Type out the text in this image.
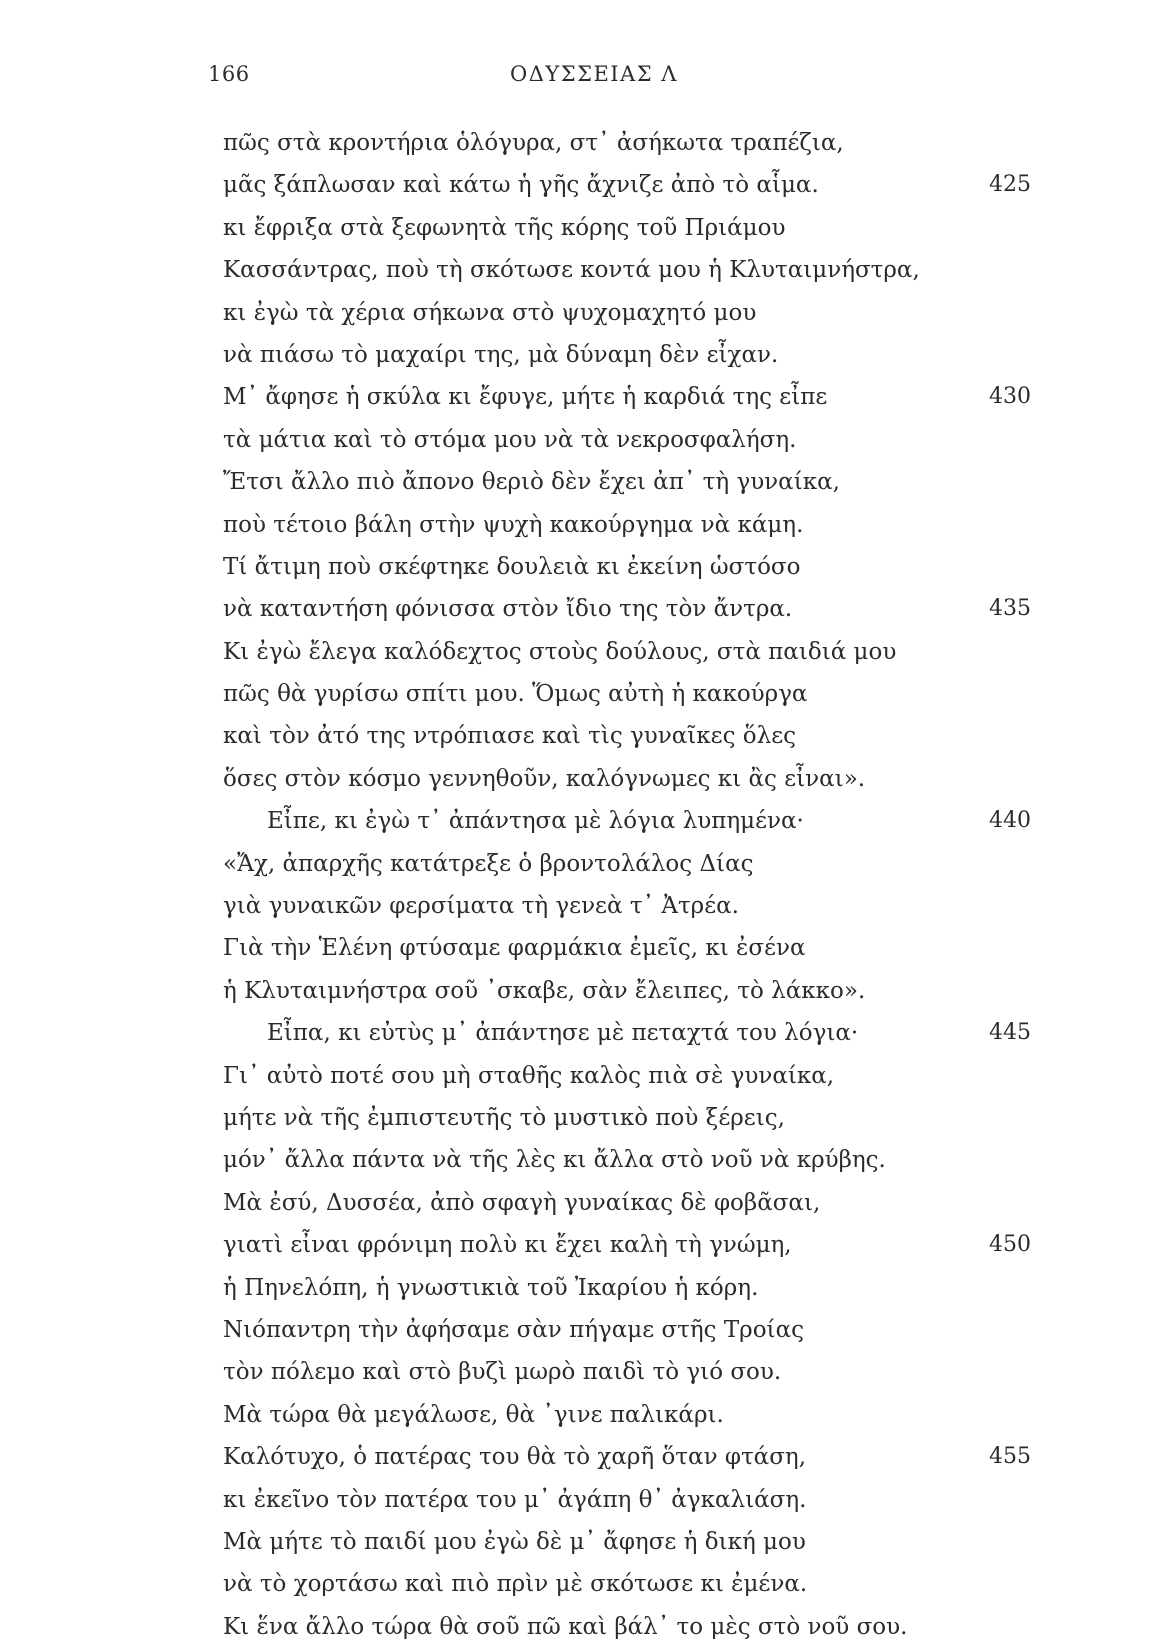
166	ΟΔΥΣΣΕΙΑΣ Λ
πῶς στὰ κροντήρια ὁλόγυρα, στ᾽ ἀσήκωτα τραπέζια,
μᾶς ξάπλωσαν καὶ κάτω ἡ γῆς ἄχνιζε ἀπὸ τὸ αἷμα.	425
κι ἔφριξα στὰ ξεφωνητὰ τῆς κόρης τοῦ Πριάμου
Κασσάντρας, ποὺ τὴ σκότωσε κοντά μου ἡ Κλυταιμνήστρα,
κι ἐγὼ τὰ χέρια σήκωνα στὸ ψυχομαχητό μου
νὰ πιάσω τὸ μαχαίρι της, μὰ δύναμη δὲν εἶχαν.
Μ᾽ ἄφησε ἡ σκύλα κι ἔφυγε, μήτε ἡ καρδιά της εἶπε	430
τὰ μάτια καὶ τὸ στόμα μου νὰ τὰ νεκροσφαλήση.
Ἔτσι ἄλλο πιὸ ἄπονο θεριὸ δὲν ἔχει ἀπ᾽ τὴ γυναίκα,
ποὺ τέτοιο βάλη στὴν ψυχὴ κακούργημα νὰ κάμη.
Τί ἄτιμη ποὺ σκέφτηκε δουλειὰ κι ἐκείνη ὡστόσο
νὰ καταντήση φόνισσα στὸν ἴδιο της τὸν ἄντρα.	435
Κι ἐγὼ ἔλεγα καλόδεχτος στοὺς δούλους, στὰ παιδιά μου
πῶς θὰ γυρίσω σπίτι μου. Ὅμως αὐτὴ ἡ κακούργα
καὶ τὸν ἀτό της ντρόπιασε καὶ τὶς γυναῖκες ὅλες
ὅσες στὸν κόσμο γεννηθοῦν, καλόγνωμες κι ἂς εἶναι».
Εἶπε, κι ἐγὼ τ᾽ ἀπάντησα μὲ λόγια λυπημένα·	440
«Ἄχ, ἀπαρχῆς κατάτρεξε ὁ βροντολάλος Δίας
γιὰ γυναικῶν φερσίματα τὴ γενεὰ τ᾽ Ἀτρέα.
Γιὰ τὴν Ἑλένη φτύσαμε φαρμάκια ἐμεῖς, κι ἐσένα
ἡ Κλυταιμνήστρα σοῦ ᾽σκαβε, σὰν ἔλειπες, τὸ λάκκο».
Εἶπα, κι εὐτὺς μ᾽ ἀπάντησε μὲ πεταχτά του λόγια·	445
Γι᾽ αὐτὸ ποτέ σου μὴ σταθῆς καλὸς πιὰ σὲ γυναίκα,
μήτε νὰ τῆς ἐμπιστευτῆς τὸ μυστικὸ ποὺ ξέρεις,
μόν᾽ ἄλλα πάντα νὰ τῆς λὲς κι ἄλλα στὸ νοῦ νὰ κρύβης.
Μὰ ἐσύ, Δυσσέα, ἀπὸ σφαγὴ γυναίκας δὲ φοβᾶσαι,
γιατὶ εἶναι φρόνιμη πολὺ κι ἔχει καλὴ τὴ γνώμη,	450
ἡ Πηνελόπη, ἡ γνωστικιὰ τοῦ Ἰκαρίου ἡ κόρη.
Νιόπαντρη τὴν ἀφήσαμε σὰν πήγαμε στῆς Τροίας
τὸν πόλεμο καὶ στὸ βυζὶ μωρὸ παιδὶ τὸ γιό σου.
Μὰ τώρα θὰ μεγάλωσε, θὰ ᾽γινε παλικάρι.
Καλότυχο, ὁ πατέρας του θὰ τὸ χαρῆ ὅταν φτάση,	455
κι ἐκεῖνο τὸν πατέρα του μ᾽ ἀγάπη θ᾽ ἀγκαλιάση.
Μὰ μήτε τὸ παιδί μου ἐγὼ δὲ μ᾽ ἄφησε ἡ δική μου
νὰ τὸ χορτάσω καὶ πιὸ πρὶν μὲ σκότωσε κι ἐμένα.
Κι ἕνα ἄλλο τώρα θὰ σοῦ πῶ καὶ βάλ᾽ το μὲς στὸ νοῦ σου.
